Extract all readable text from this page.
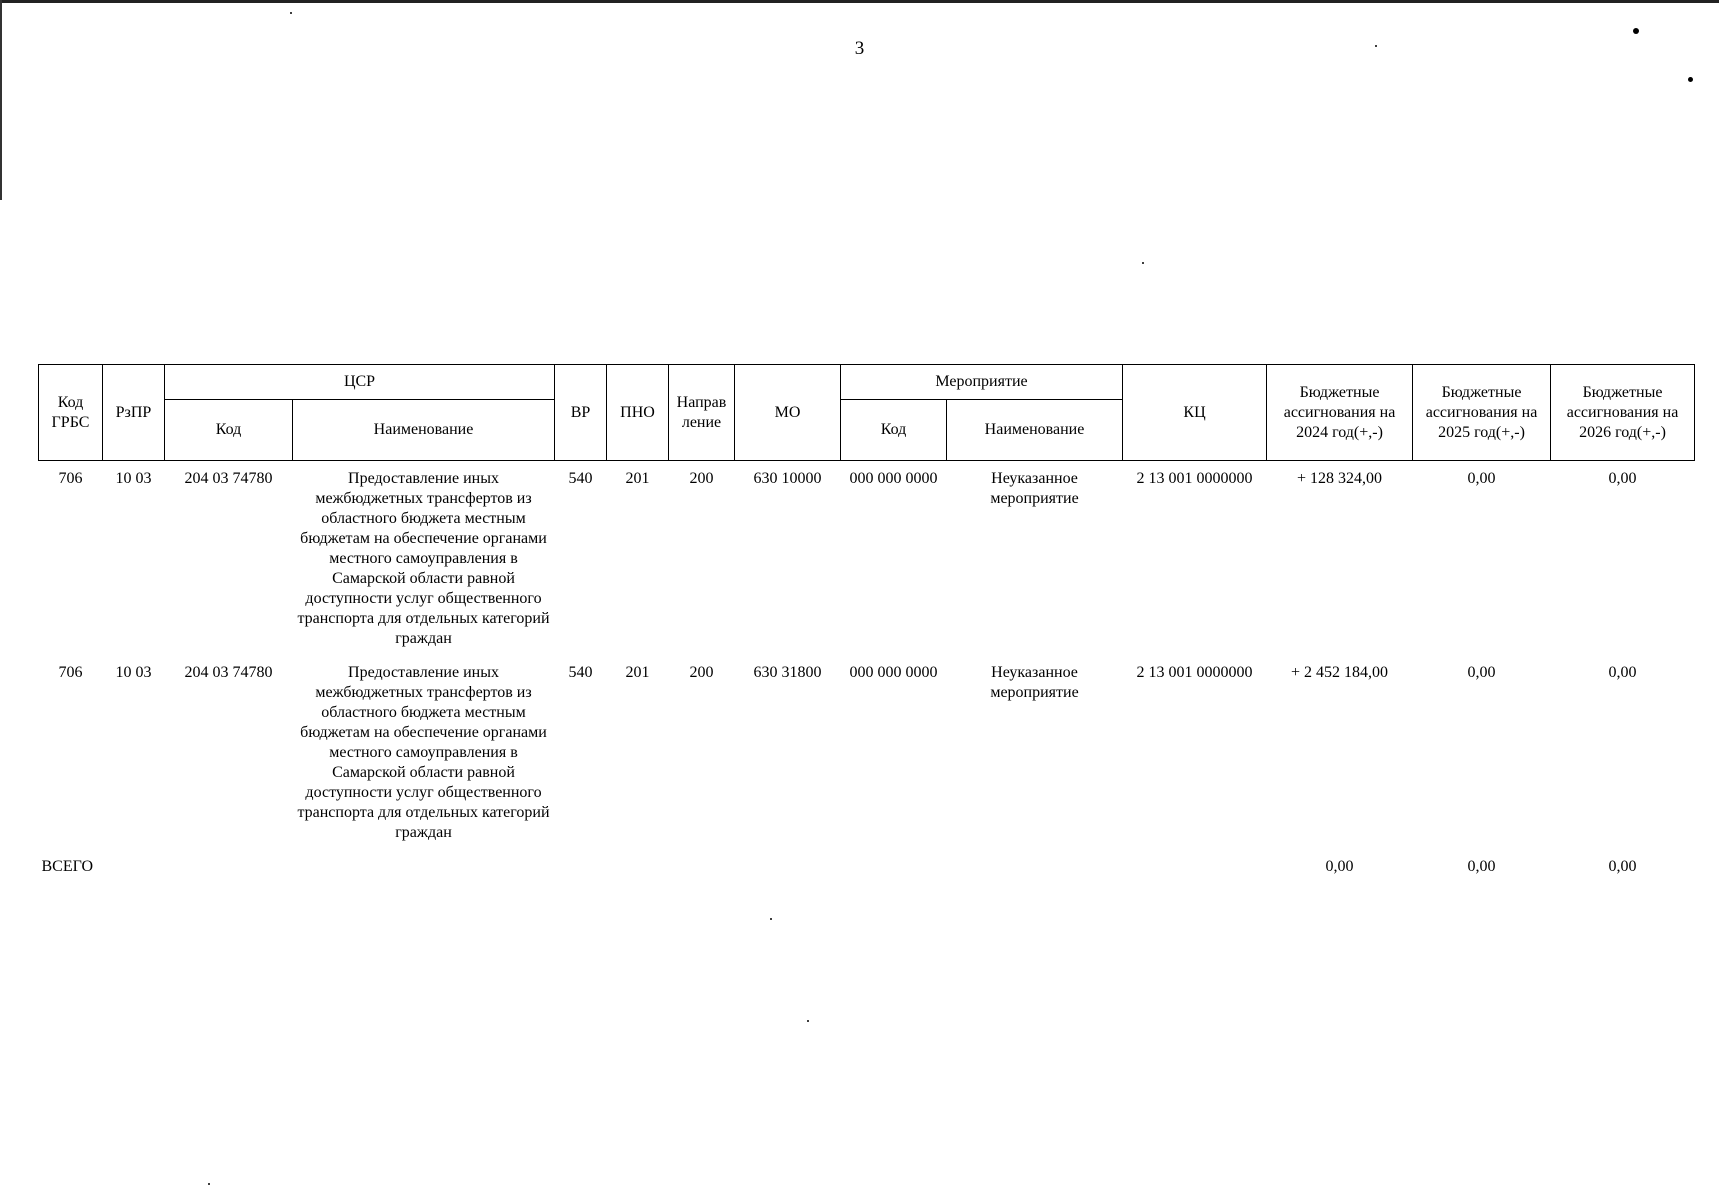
3
Код ГРБС	РзПР	ЦСР		ВР	ПНО	Направ ление	МО	Мероприятие		КЦ	Бюджетные ассигнования на 2024 год(+,-)	Бюджетные ассигнования на 2025 год(+,-)	Бюджетные ассигнования на 2026 год(+,-)
		Код	Наименование					Код	Наименование				
706	10 03	204 03 74780	Предоставление иных межбюджетных трансфертов из областного бюджета местным бюджетам на обеспечение органами местного самоуправления в Самарской области равной доступности услуг общественного транспорта для отдельных категорий граждан	540	201	200	630 10000	000 000 0000	Неуказанное мероприятие	2 13 001 0000000	+ 128 324,00	0,00	0,00
706	10 03	204 03 74780	Предоставление иных межбюджетных трансфертов из областного бюджета местным бюджетам на обеспечение органами местного самоуправления в Самарской области равной доступности услуг общественного транспорта для отдельных категорий граждан	540	201	200	630 31800	000 000 0000	Неуказанное мероприятие	2 13 001 0000000	+ 2 452 184,00	0,00	0,00
ВСЕГО											0,00	0,00	0,00
